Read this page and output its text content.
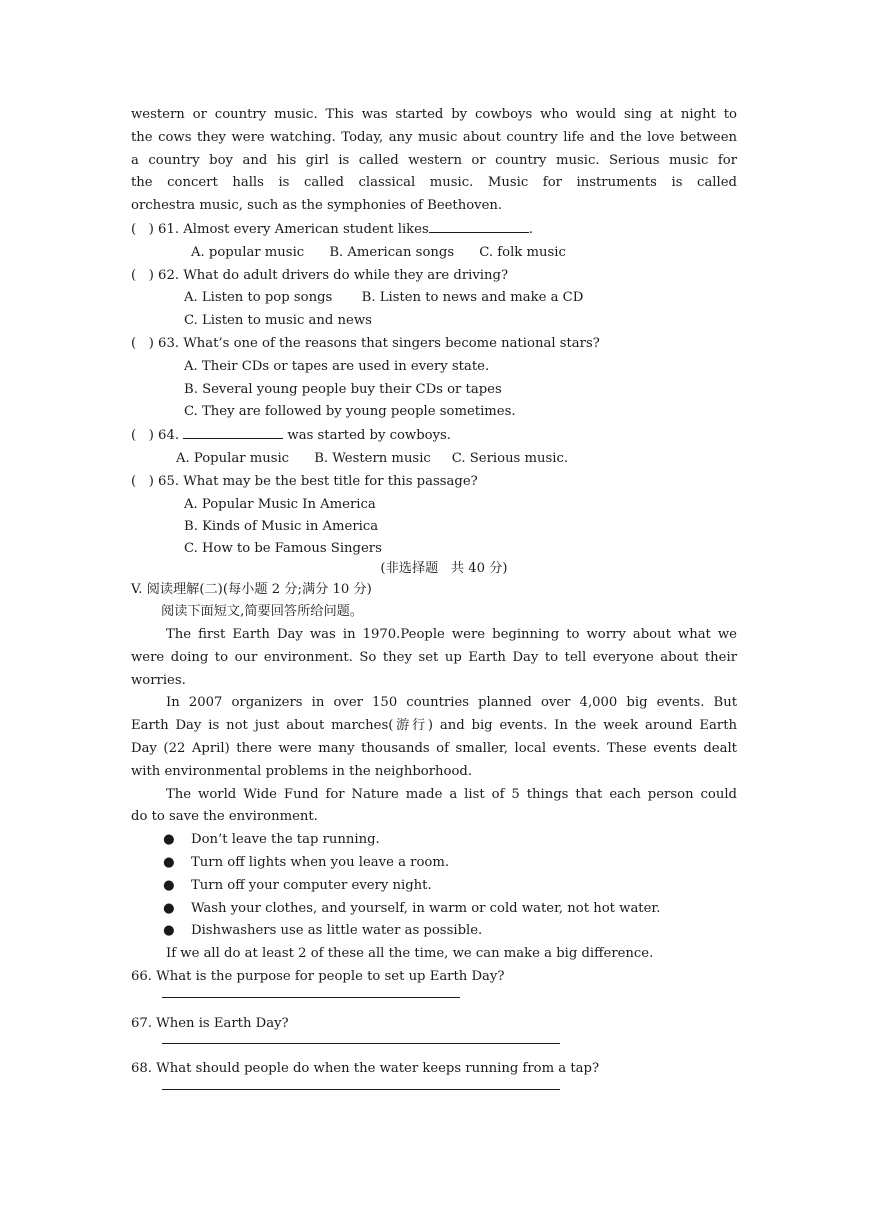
western or country music. This was started by cowboys who would sing at night to
the cows they were watching. Today, any music about country life and the love between
a country boy and his girl is called western or country music. Serious music for
the concert halls is called classical music. Music for instruments is called
orchestra music, such as the symphonies of Beethoven.
(   ) 61. Almost every American student likes	.
A. popular music      B. American songs      C. folk music
(   ) 62. What do adult drivers do while they are driving?
A. Listen to pop songs       B. Listen to news and make a CD
C. Listen to music and news
(   ) 63. What’s one of the reasons that singers become national stars?
A. Their CDs or tapes are used in every state.
B. Several young people buy their CDs or tapes
C. They are followed by young people sometimes.
(   ) 64.	was started by cowboys.
A. Popular music      B. Western music     C. Serious music.
(   ) 65. What may be the best title for this passage?
A. Popular Music In America
B. Kinds of Music in America
C. How to be Famous Singers
(非选择题   共 40 分)
V. 阅读理解(二)(每小题 2 分;满分 10 分)
阅读下面短文,简要回答所给问题。
The first Earth Day was in 1970.People were beginning to worry about what we
were doing to our environment. So they set up Earth Day to tell everyone about their
worries.
In 2007 organizers in over 150 countries planned over 4,000 big events. But
Earth Day is not just about marches(游行) and big events. In the week around Earth
Day (22 April) there were many thousands of smaller, local events. These events dealt
with environmental problems in the neighborhood.
The world Wide Fund for Nature made a list of 5 things that each person could
do to save the environment.
● Don’t leave the tap running.
● Turn off lights when you leave a room.
● Turn off your computer every night.
● Wash your clothes, and yourself, in warm or cold water, not hot water.
● Dishwashers use as little water as possible.
If we all do at least 2 of these all the time, we can make a big difference.
66. What is the purpose for people to set up Earth Day?
67. When is Earth Day?
68. What should people do when the water keeps running from a tap?
